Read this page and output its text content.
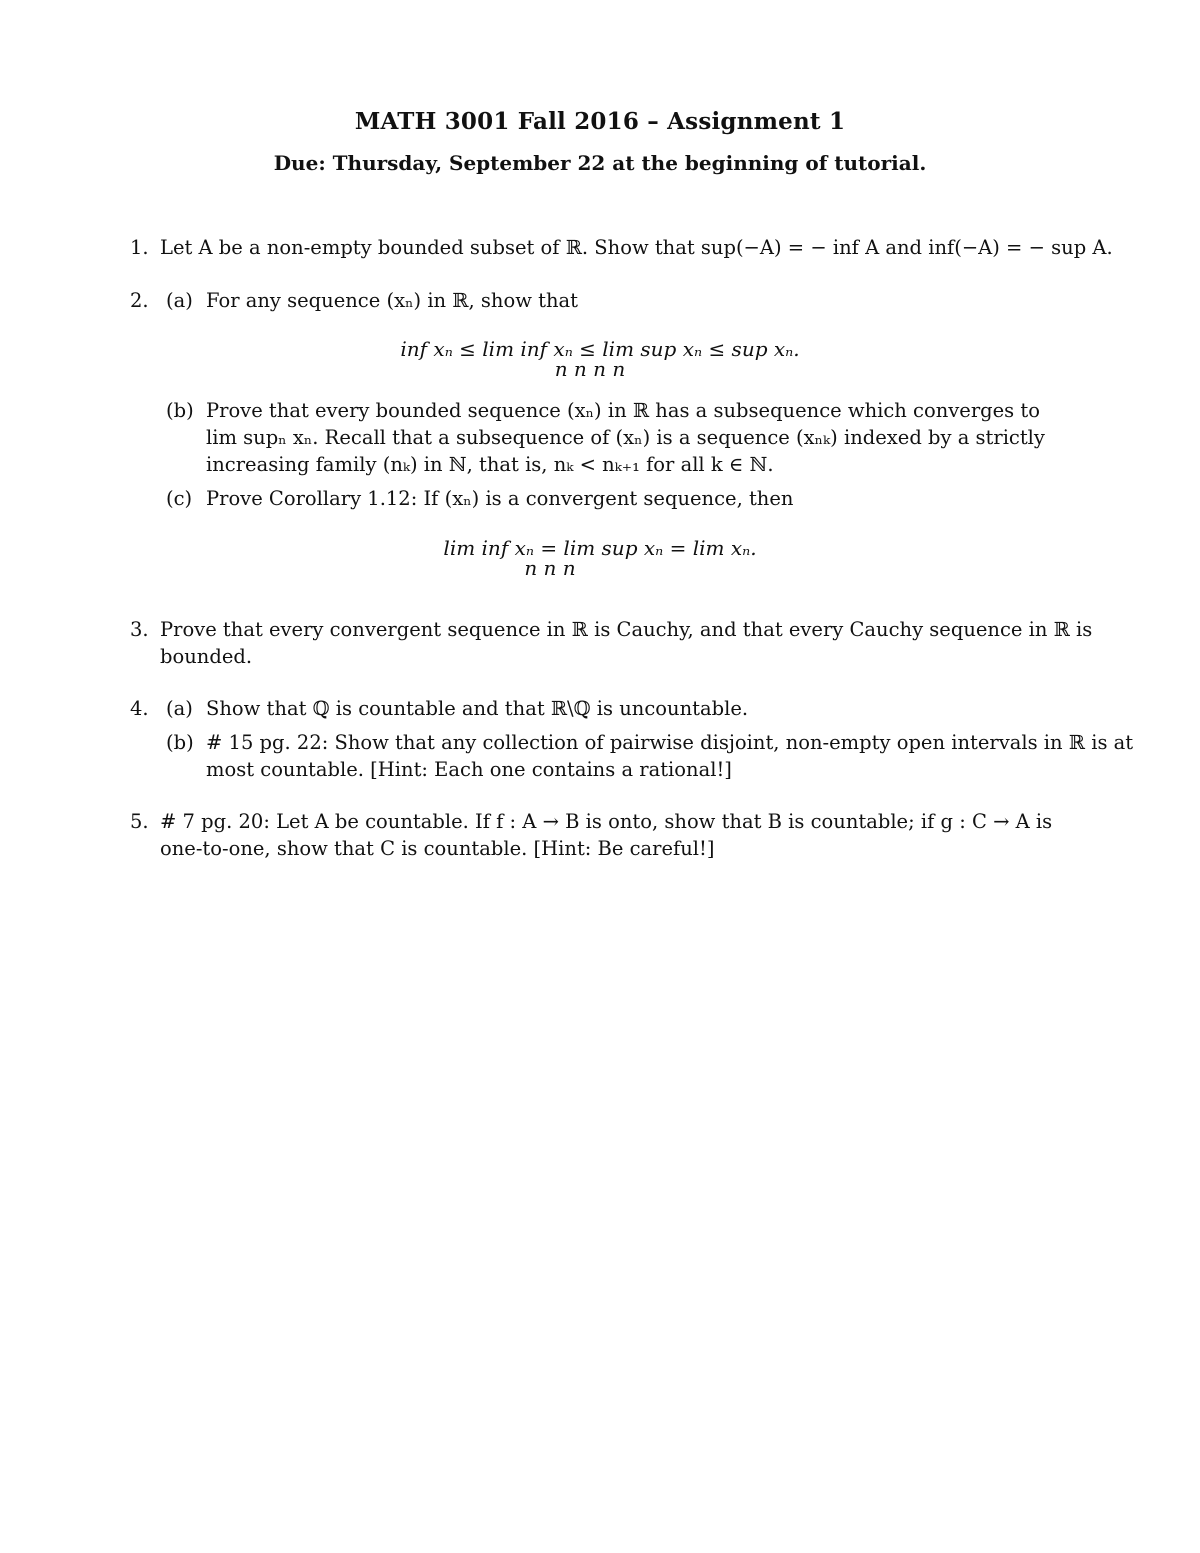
MATH 3001 Fall 2016 – Assignment 1
Due: Thursday, September 22 at the beginning of tutorial.
1. Let A be a non-empty bounded subset of ℝ. Show that sup(−A) = − inf A and inf(−A) = − sup A.
2. (a) For any sequence (xₙ) in ℝ, show that
inf xₙ ≤ lim inf xₙ ≤ lim sup xₙ ≤ sup xₙ.
n n n n
(b) Prove that every bounded sequence (xₙ) in ℝ has a subsequence which converges to
lim supₙ xₙ. Recall that a subsequence of (xₙ) is a sequence (xₙₖ) indexed by a strictly
increasing family (nₖ) in ℕ, that is, nₖ < nₖ₊₁ for all k ∈ ℕ.
(c) Prove Corollary 1.12: If (xₙ) is a convergent sequence, then
lim inf xₙ = lim sup xₙ = lim xₙ.
n n n
3. Prove that every convergent sequence in ℝ is Cauchy, and that every Cauchy sequence in ℝ is
bounded.
4. (a) Show that ℚ is countable and that ℝ\ℚ is uncountable.
(b) # 15 pg. 22: Show that any collection of pairwise disjoint, non-empty open intervals in ℝ is at
most countable. [Hint: Each one contains a rational!]
5. # 7 pg. 20: Let A be countable. If f : A → B is onto, show that B is countable; if g : C → A is
one-to-one, show that C is countable. [Hint: Be careful!]
